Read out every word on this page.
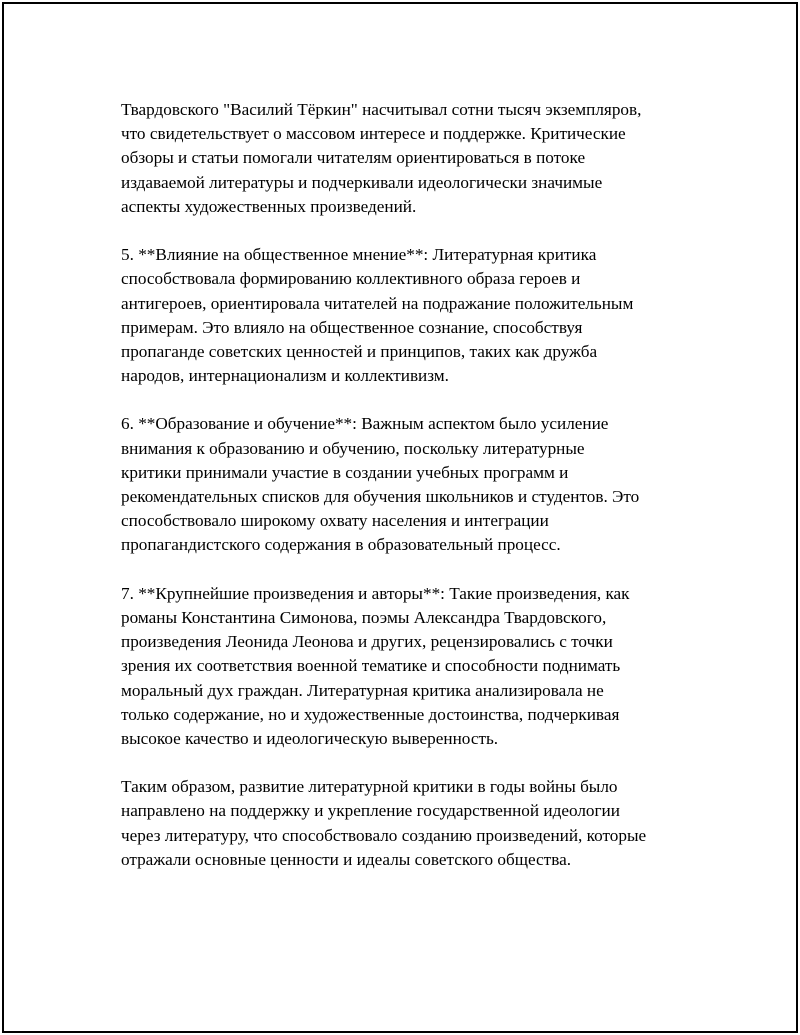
Твардовского "Василий Тёркин" насчитывал сотни тысяч экземпляров,
что свидетельствует о массовом интересе и поддержке. Критические
обзоры и статьи помогали читателям ориентироваться в потоке
издаваемой литературы и подчеркивали идеологически значимые
аспекты художественных произведений.

5. **Влияние на общественное мнение**: Литературная критика
способствовала формированию коллективного образа героев и
антигероев, ориентировала читателей на подражание положительным
примерам. Это влияло на общественное сознание, способствуя
пропаганде советских ценностей и принципов, таких как дружба
народов, интернационализм и коллективизм.

6. **Образование и обучение**: Важным аспектом было усиление
внимания к образованию и обучению, поскольку литературные
критики принимали участие в создании учебных программ и
рекомендательных списков для обучения школьников и студентов. Это
способствовало широкому охвату населения и интеграции
пропагандистского содержания в образовательный процесс.

7. **Крупнейшие произведения и авторы**: Такие произведения, как
романы Константина Симонова, поэмы Александра Твардовского,
произведения Леонида Леонова и других, рецензировались с точки
зрения их соответствия военной тематике и способности поднимать
моральный дух граждан. Литературная критика анализировала не
только содержание, но и художественные достоинства, подчеркивая
высокое качество и идеологическую выверенность.

Таким образом, развитие литературной критики в годы войны было
направлено на поддержку и укрепление государственной идеологии
через литературу, что способствовало созданию произведений, которые
отражали основные ценности и идеалы советского общества.
